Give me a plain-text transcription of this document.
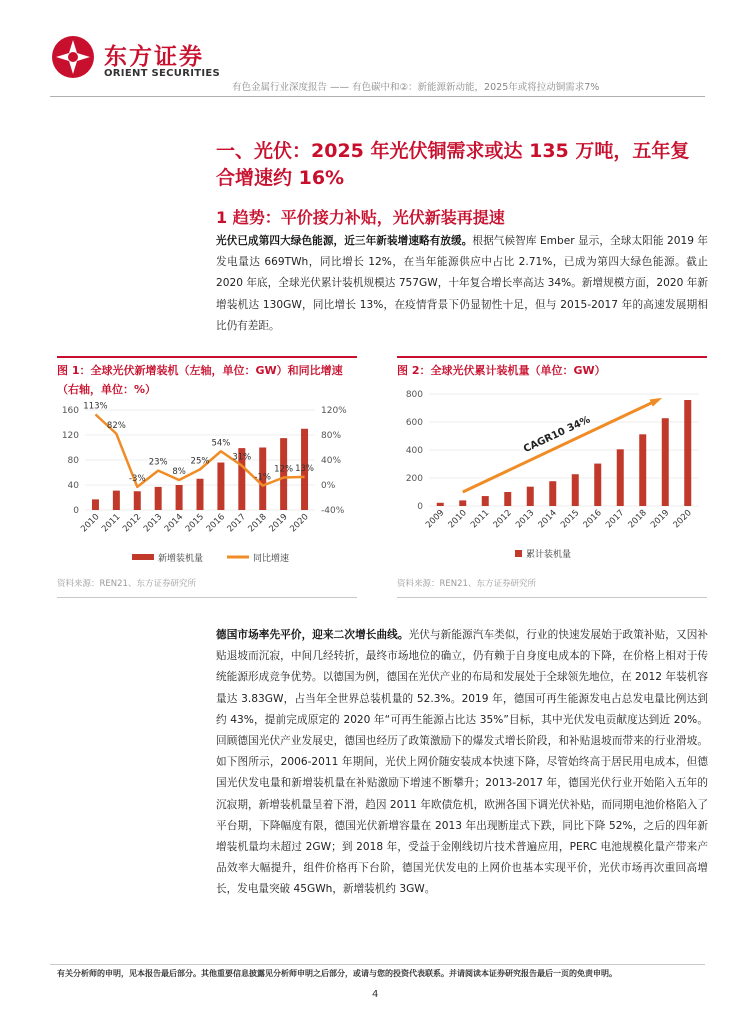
东方证券
ORIENT SECURITIES
有色金属行业深度报告 —— 有色碳中和②：新能源新动能，2025年或将拉动铜需求7%
一、光伏：2025 年光伏铜需求或达 135 万吨，五年复合增速约 16%
1 趋势：平价接力补贴，光伏新装再提速

光伏已成第四大绿色能源，近三年新装增速略有放缓。根据气候智库 Ember 显示，全球太阳能 2019 年发电量达 669TWh，同比增长 12%，在当年能源供应中占比 2.71%，已成为第四大绿色能源。截止 2020 年底，全球光伏累计装机规模达 757GW，十年复合增长率高达 34%。新增规模方面，2020 年新增装机达 130GW，同比增长 13%，在疫情背景下仍显韧性十足，但与 2015-2017 年的高速发展期相比仍有差距。

图 1：全球光伏新增装机（左轴，单位：GW）和同比增速（右轴，单位：%）
0
40
80
120
160
-40%
0%
40%
80%
120%
113%
82%
-3%
23%
8%
25%
54%
31%
-1%
12% 13%
2010
2011
2012
2013
2014
2015
2016
2017
2018
2019
2020
新增装机量	同比增速
资料来源：REN21、东方证券研究所
图 2：全球光伏累计装机量（单位：GW）
0
200
400
600
800
2009 2010 2011 2012 2013 2014 2015 2016 2017 2018 2019 2020
CAGR10 34%
累计装机量
资料来源：REN21、东方证券研究所

德国市场率先平价，迎来二次增长曲线。光伏与新能源汽车类似，行业的快速发展始于政策补贴，又因补贴退坡而沉寂，中间几经转折，最终市场地位的确立，仍有赖于自身度电成本的下降，在价格上相对于传统能源形成竞争优势。以德国为例，德国在光伏产业的布局和发展处于全球领先地位，在 2012 年装机容量达 3.83GW，占当年全世界总装机量的 52.3%。2019 年，德国可再生能源发电占总发电量比例达到约 43%，提前完成原定的 2020 年“可再生能源占比达 35%”目标，其中光伏发电贡献度达到近 20%。回顾德国光伏产业发展史，德国也经历了政策激励下的爆发式增长阶段，和补贴退坡而带来的行业滑坡。如下图所示，2006-2011 年期间，光伏上网价随安装成本快速下降，尽管始终高于居民用电成本，但德国光伏发电量和新增装机量在补贴激励下增速不断攀升；2013-2017 年，德国光伏行业开始陷入五年的沉寂期，新增装机量呈着下滑，趋因 2011 年欧债危机，欧洲各国下调光伏补贴，而同期电池价格陷入了平台期，下降幅度有限，德国光伏新增容量在 2013 年出现断崖式下跌，同比下降 52%，之后的四年新增装机量均未超过 2GW；到 2018 年，受益于金刚线切片技术普遍应用，PERC 电池规模化量产带来产品效率大幅提升，组件价格再下台阶，德国光伏发电的上网价也基本实现平价，光伏市场再次重回高增长，发电量突破 45GWh，新增装机约 3GW。

有关分析师的申明，见本报告最后部分。其他重要信息披露见分析师申明之后部分，或请与您的投资代表联系。并请阅读本证券研究报告最后一页的免责申明。
4
